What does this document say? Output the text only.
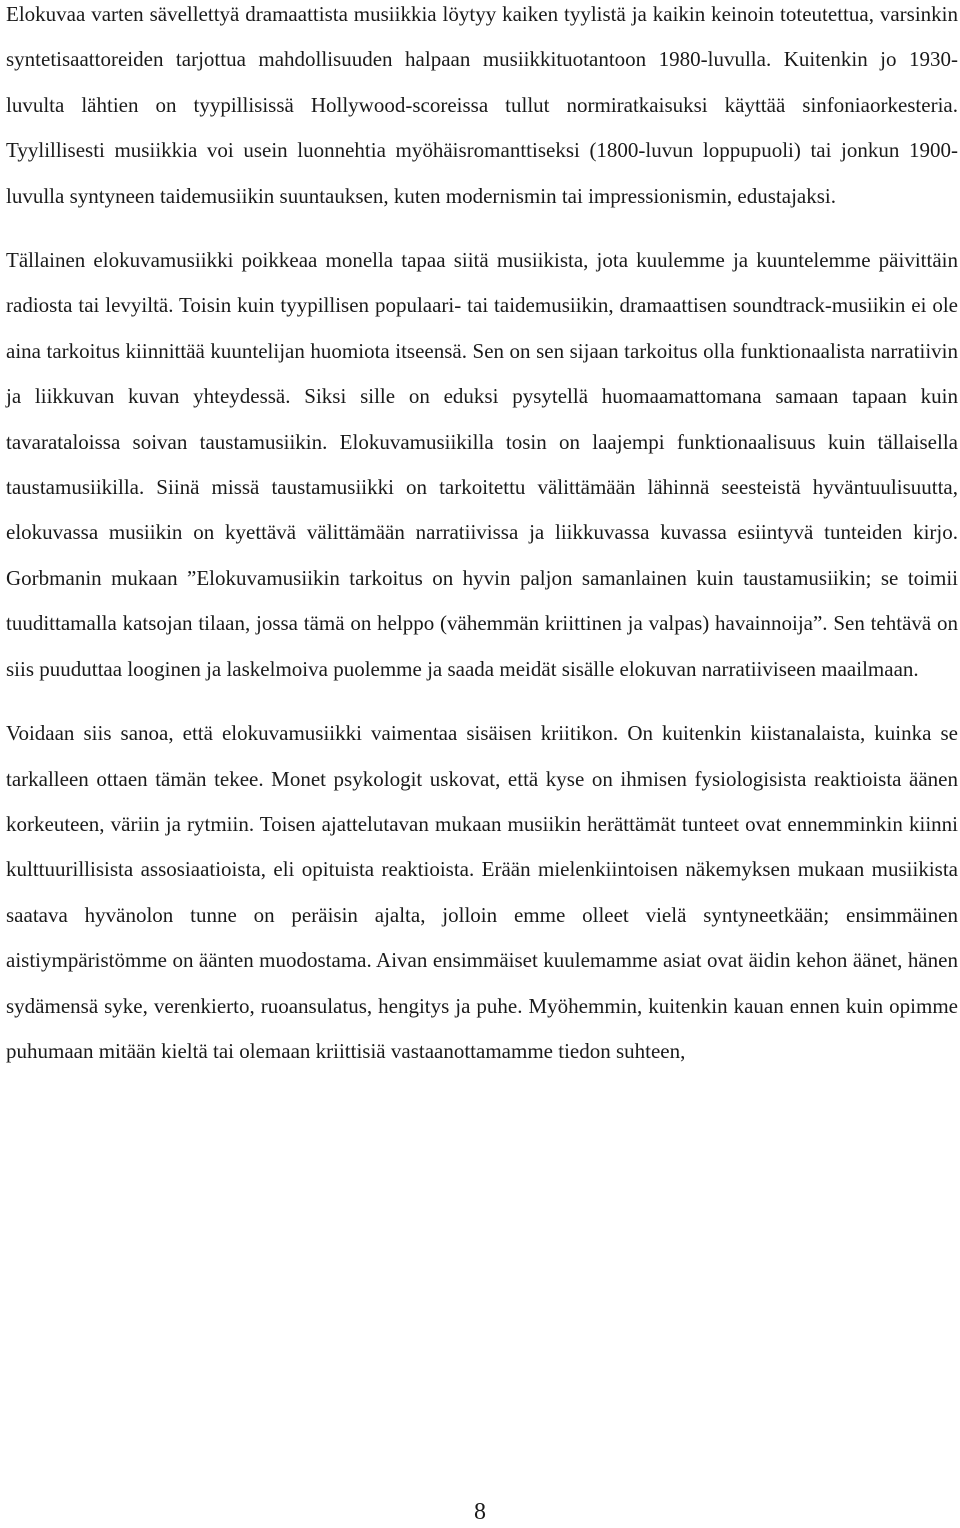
Elokuvaa varten sävellettyä dramaattista musiikkia löytyy kaiken tyylistä ja kaikin keinoin toteutettua, varsinkin syntetisaattoreiden tarjottua mahdollisuuden halpaan musiikkituotantoon 1980-luvulla. Kuitenkin jo 1930-luvulta lähtien on tyypillisissä Hollywood-scoreissa tullut normiratkaisuksi käyttää sinfoniaorkesteria. Tyylillisesti musiikkia voi usein luonnehtia myöhäisromanttiseksi (1800-luvun loppupuoli) tai jonkun 1900-luvulla syntyneen taidemusiikin suuntauksen, kuten modernismin tai impressionismin, edustajaksi.

Tällainen elokuvamusiikki poikkeaa monella tapaa siitä musiikista, jota kuulemme ja kuuntelemme päivittäin radiosta tai levyiltä. Toisin kuin tyypillisen populaari- tai taidemusiikin, dramaattisen soundtrack-musiikin ei ole aina tarkoitus kiinnittää kuuntelijan huomiota itseensä. Sen on sen sijaan tarkoitus olla funktionaalista narratiivin ja liikkuvan kuvan yhteydessä. Siksi sille on eduksi pysytellä huomaamattomana samaan tapaan kuin tavarataloissa soivan taustamusiikin. Elokuvamusiikilla tosin on laajempi funktionaalisuus kuin tällaisella taustamusiikilla. Siinä missä taustamusiikki on tarkoitettu välittämään lähinnä seesteistä hyväntuulisuutta, elokuvassa musiikin on kyettävä välittämään narratiivissa ja liikkuvassa kuvassa esiintyvä tunteiden kirjo. Gorbmanin mukaan ”Elokuvamusiikin tarkoitus on hyvin paljon samanlainen kuin taustamusiikin; se toimii tuudittamalla katsojan tilaan, jossa tämä on helppo (vähemmän kriittinen ja valpas) havainnoija”. Sen tehtävä on siis puuduttaa looginen ja laskelmoiva puolemme ja saada meidät sisälle elokuvan narratiiviseen maailmaan.

Voidaan siis sanoa, että elokuvamusiikki vaimentaa sisäisen kriitikon. On kuitenkin kiistanalaista, kuinka se tarkalleen ottaen tämän tekee. Monet psykologit uskovat, että kyse on ihmisen fysiologisista reaktioista äänen korkeuteen, väriin ja rytmiin. Toisen ajattelutavan mukaan musiikin herättämät tunteet ovat ennemminkin kiinni kulttuurillisista assosiaatioista, eli opituista reaktioista. Erään mielenkiintoisen näkemyksen mukaan musiikista saatava hyvänolon tunne on peräisin ajalta, jolloin emme olleet vielä syntyneetkään; ensimmäinen aistiympäristömme on äänten muodostama. Aivan ensimmäiset kuulemamme asiat ovat äidin kehon äänet, hänen sydämensä syke, verenkierto, ruoansulatus, hengitys ja puhe. Myöhemmin, kuitenkin kauan ennen kuin opimme puhumaan mitään kieltä tai olemaan kriittisiä vastaanottamamme tiedon suhteen,

8
